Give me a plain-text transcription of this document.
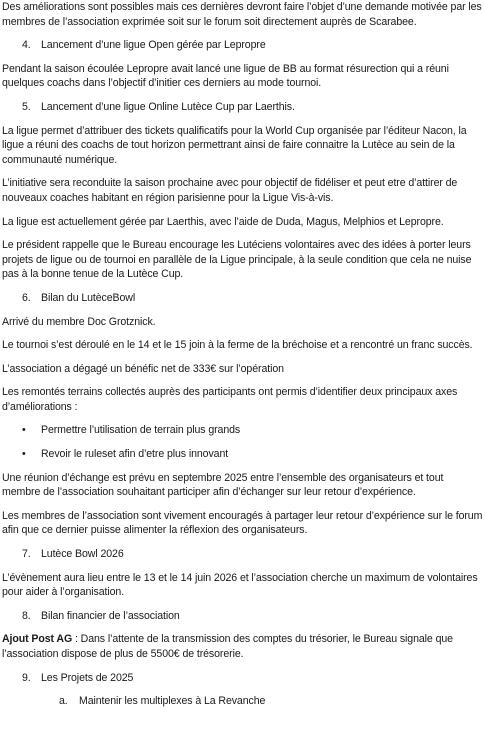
Des améliorations sont possibles mais ces dernières devront faire l’objet d’une demande motivée par les membres de l’association exprimée soit sur le forum soit directement auprès de Scarabee.

4. Lancement d’une ligue Open gérée par Lepropre

Pendant la saison écoulée Lepropre avait lancé une ligue de BB au format résurection qui a réuni quelques coachs dans l’objectif d’initier ces derniers au mode tournoi.

5. Lancement d’une ligue Online Lutèce Cup par Laerthis.

La ligue permet d’attribuer des tickets qualificatifs pour la World Cup organisée par l’éditeur Nacon, la ligue a réuni des coachs de tout horizon permettrant ainsi de faire connaitre la Lutèce au sein de la communauté numérique.

L’initiative sera reconduite la saison prochaine avec pour objectif de fidéliser et peut etre d’attirer de nouveaux coaches habitant en région parisienne pour la Ligue Vis-à-vis.

La ligue est actuellement gérée par Laerthis, avec l’aide de Duda, Magus, Melphios et Lepropre.

Le président rappelle que le Bureau encourage les Lutéciens volontaires avec des idées à porter leurs projets de ligue ou de tournoi en parallèle de la Ligue principale, à la seule condition que cela ne nuise pas à la bonne tenue de la Lutèce Cup.

6. Bilan du LutèceBowl

Arrivé du membre Doc Grotznick.

Le tournoi s’est déroulé en le 14 et le 15 join à la ferme de la bréchoise et a rencontré un franc succès.

L’association a dégagé un bénéfic net de 333€ sur l’opération

Les remontés terrains collectés auprès des participants ont permis d’identifier deux principaux axes d’améliorations :

•	Permettre l’utilisation de terrain plus grands
•	Revoir le ruleset afin d’etre plus innovant

Une réunion d’échange est prévu en septembre 2025 entre l’ensemble des organisateurs et tout membre de l’association souhaitant participer afin d’échanger sur leur retour d’expérience.

Les membres de l’association sont vivement encouragés à partager leur retour d’expérience sur le forum afin que ce dernier puisse alimenter la réflexion des organisateurs.

7. Lutèce Bowl 2026

L’évènement aura lieu entre le 13 et le 14 juin 2026 et l’association cherche un maximum de volontaires pour aider à l’organisation.

8. Bilan financier de l’association

Ajout Post AG : Dans l’attente de la transmission des comptes du trésorier, le Bureau signale que l’association dispose de plus de 5500€ de trésorerie.

9. Les Projets de 2025
a.	Maintenir les multiplexes à La Revanche
